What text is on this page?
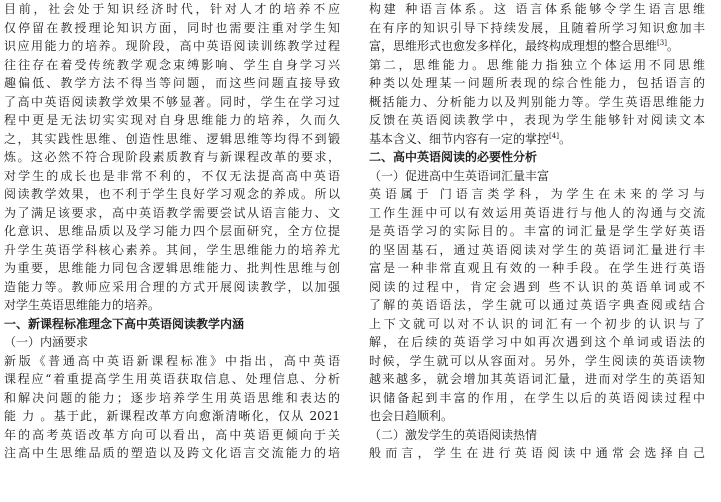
目前，社会处于知识经济时代，针对人才的培养不应
仅停留在教授理论知识方面，同时也需要注重对学生知
识应用能力的培养。现阶段，高中英语阅读训练教学过程
往往存在着受传统教学观念束缚影响、学生自身学习兴
趣偏低、教学方法不得当等问题，而这些问题直接导致
了高中英语阅读教学效果不够显著。同时，学生在学习过
程中更是无法切实实现对自身思维能力的培养，久而久
之，其实践性思维、创造性思维、逻辑思维等均得不到锻
炼。这必然不符合现阶段素质教育与新课程改革的要求，
对学生的成长也是非常不利的，不仅无法提高高中英语
阅读教学效果，也不利于学生良好学习观念的养成。所以
为了满足该要求，高中英语教学需要尝试从语言能力、文
化意识、思维品质以及学习能力四个层面研究，全方位提
升学生英语学科核心素养。其间，学生思维能力的培养尤
为重要，思维能力同包含逻辑思维能力、批判性思维与创
造能力等。教师应采用合理的方式开展阅读教学，以加强
对学生英语思维能力的培养。
一、新课程标准理念下高中英语阅读教学内涵
（一）内涵要求
新版《普通高中英语新课程标准》中指出，高中英语
课程应“着重提高学生用英语获取信息、处理信息、分析
和解决问题的能力；逐步培养学生用英语思维和表达的
能 力 。基于此，新课程改革方向愈渐清晰化，仅从 2021
年的高考英语改革方向可以看出，高中英语更倾向于关
注高中生思维品质的塑造以及跨文化语言交流能力的培
构建 种语言体系。这 语言体系能够令学生语言思维
在有序的知识引导下持续发展，且随着所学习知识愈加丰
富，思维形式也愈发多样化，最终构成理想的整合思维[3]。
第二，思维能力。思维能力指独立个体运用不同思维
种类以处理某一问题所表现的综合性能力，包括语言的
概括能力、分析能力以及判别能力等。学生英语思维能力
反馈在英语阅读教学中，表现为学生能够针对阅读文本
基本含义、细节内容有一定的掌控[4]。
二、高中英语阅读的必要性分析
（一）促进高中生英语词汇量丰富
英语属于 门语言类学科，为学生在未来的学习与
工作生涯中可以有效运用英语进行与他人的沟通与交流
是英语学习的实际目的。丰富的词汇量是学生学好英语
的坚固基石，通过英语阅读对学生的英语词汇量进行丰
富是一种非常直观且有效的一种手段。在学生进行英语
阅读的过程中，肯定会遇到 些不认识的英语单词或不
了解的英语语法，学生就可以通过英语字典查阅或结合
上下文就可以对不认识的词汇有一个初步的认识与了
解，在后续的英语学习中如再次遇到这个单词或语法的
时候，学生就可以从容面对。另外，学生阅读的英语读物
越来越多，就会增加其英语词汇量，进而对学生的英语知
识储备起到丰富的作用，在学生以后的英语阅读过程中
也会日趋顺利。
（二）激发学生的英语阅读热情
般而言，学生在进行英语阅读中通常会选择自己
